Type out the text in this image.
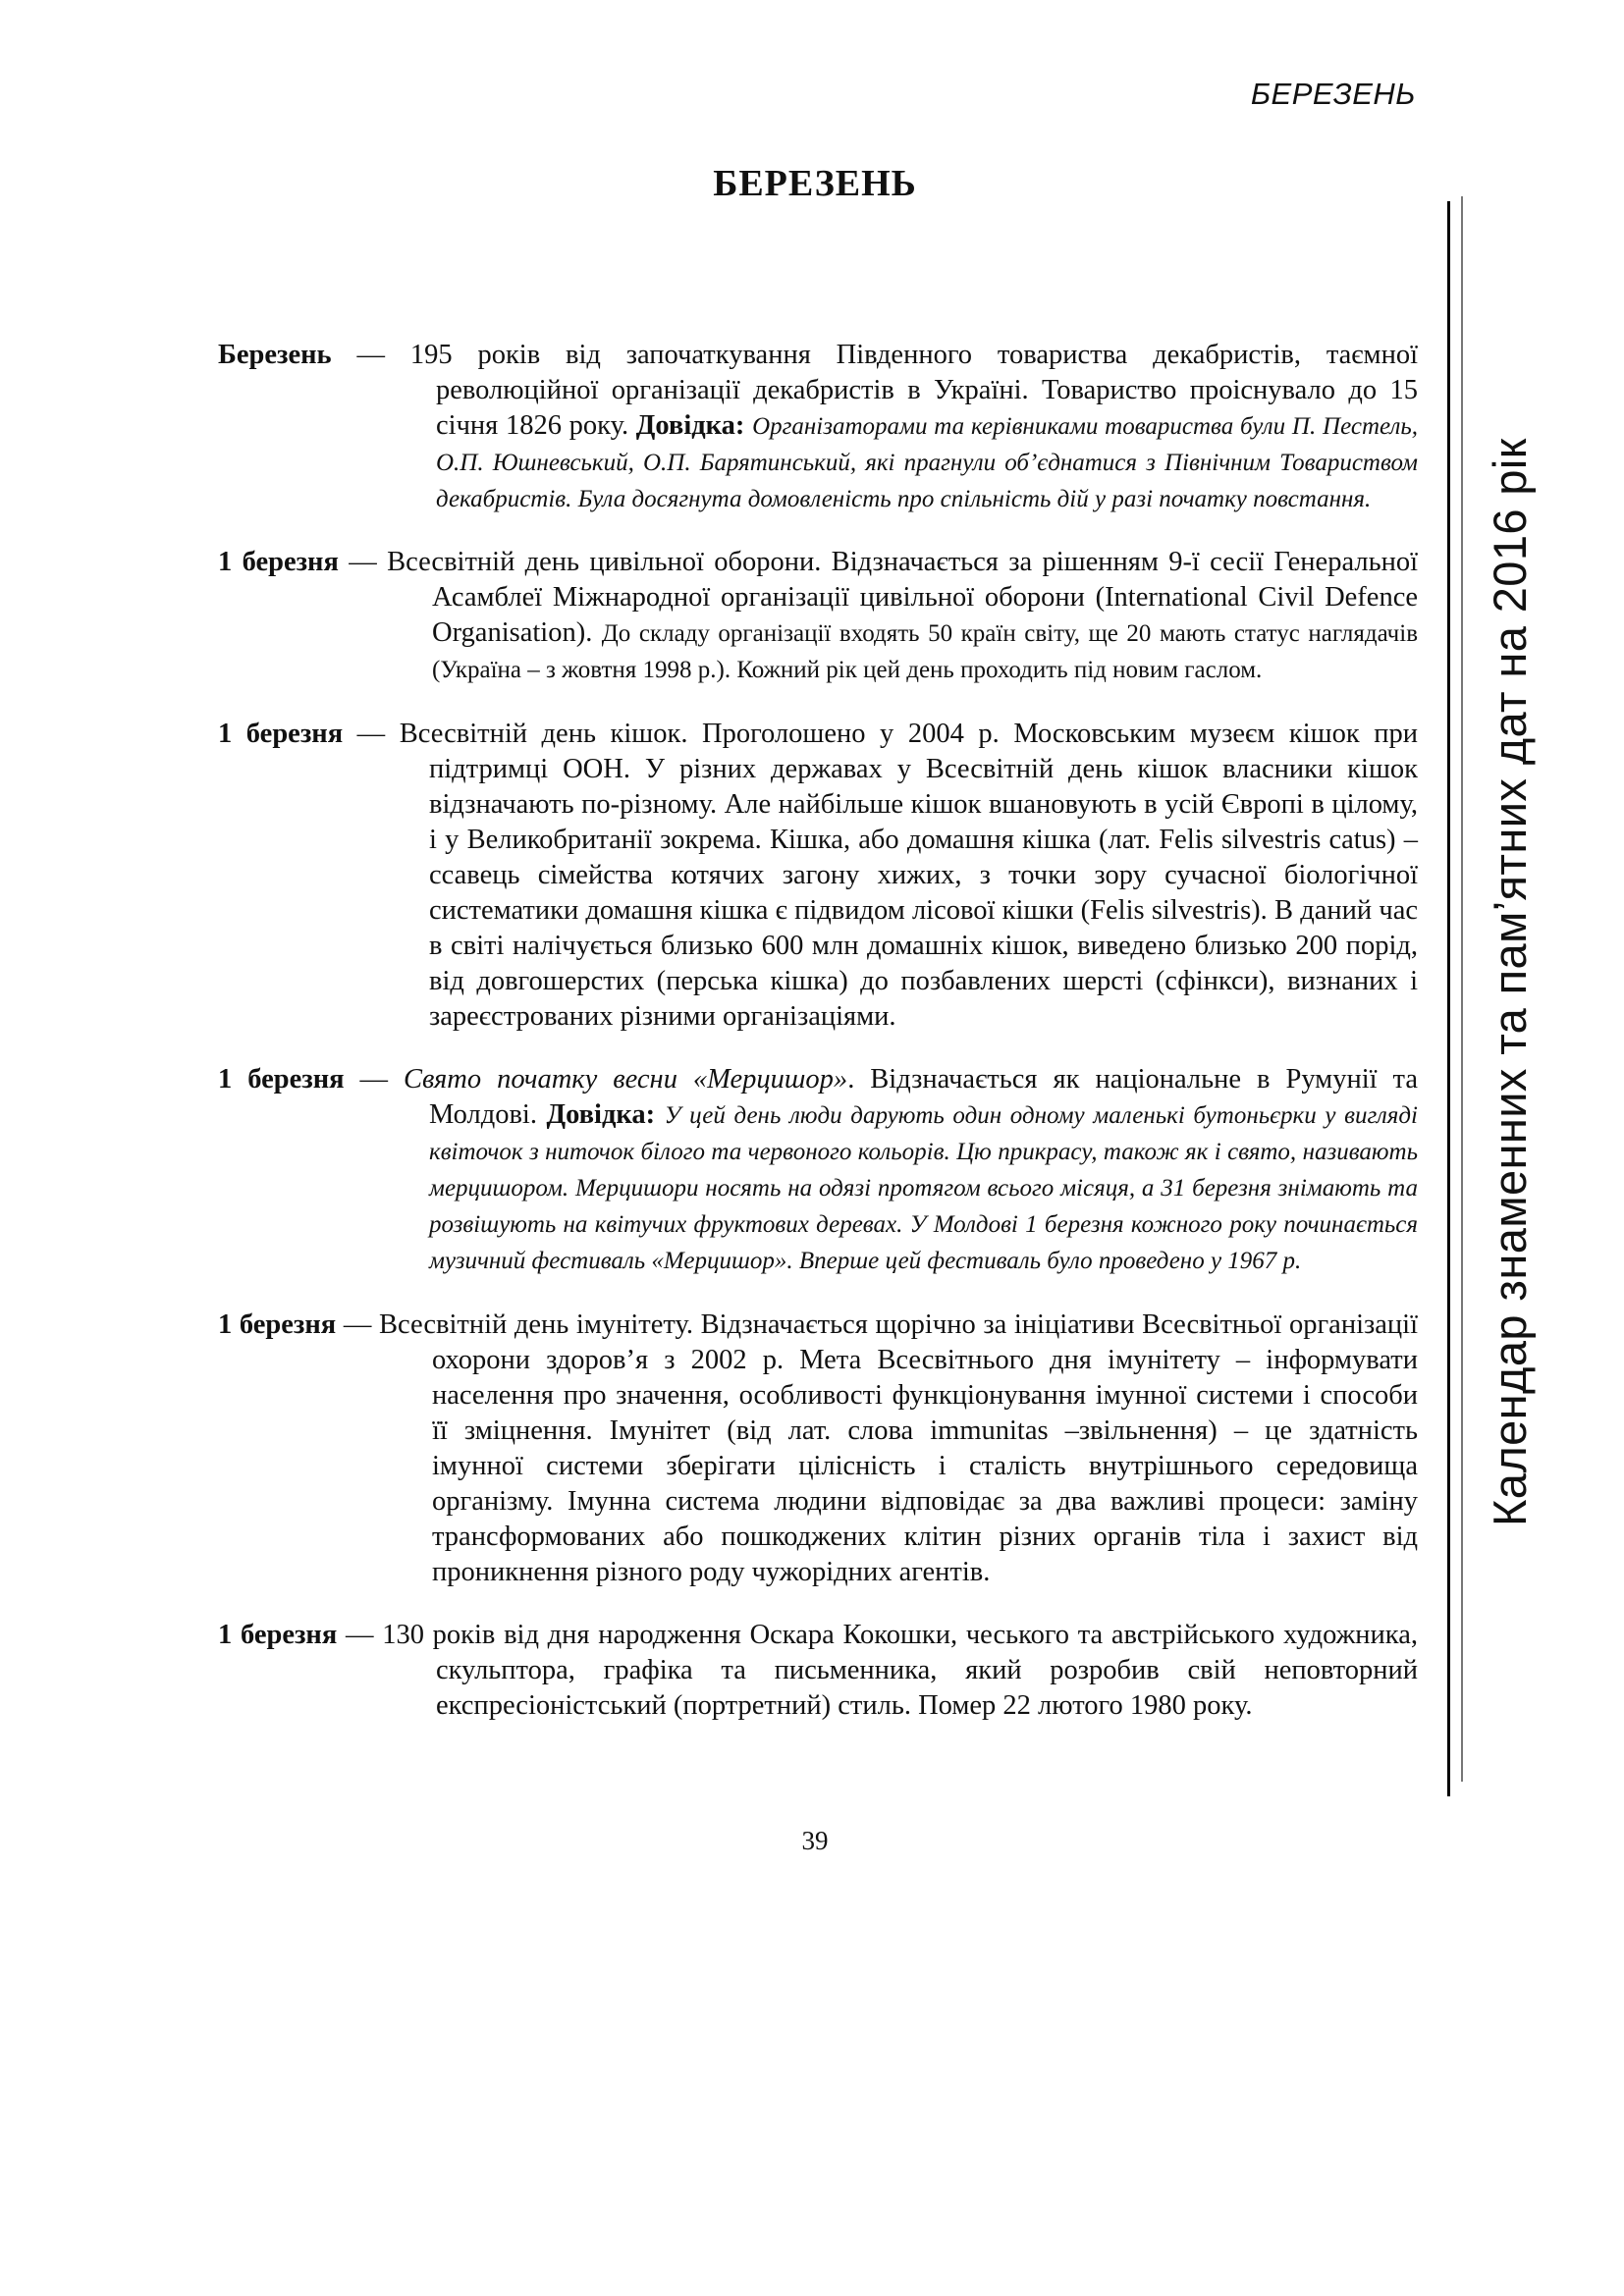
БЕРЕЗЕНЬ
БЕРЕЗЕНЬ

Березень — 195 років від започаткування Південного товариства декабристів, таємної революційної організації декабристів в Україні. Товариство проіснувало до 15 січня 1826 року. Довідка: Організаторами та керівниками товариства були П. Пестель, О.П. Юшневський, О.П. Барятинський, які прагнули об’єднатися з Північним Товариством декабристів. Була досягнута домовленість про спільність дій у разі початку повстання.

1 березня — Всесвітній день цивільної оборони. Відзначається за рішенням 9-ї сесії Генеральної Асамблеї Міжнародної організації цивільної оборони (International Civil Defence Organisation). До складу організації входять 50 країн світу, ще 20 мають статус наглядачів (Україна – з жовтня 1998 р.). Кожний рік цей день проходить під новим гаслом.

1 березня — Всесвітній день кішок. Проголошено у 2004 р. Московським музеєм кішок при підтримці ООН. У різних державах у Всесвітній день кішок власники кішок відзначають по-різному. Але найбільше кішок вшановують в усій Європі в цілому, і у Великобританії зокрема. Кішка, або домашня кішка (лат. Felis silvestris catus) – ссавець сімейства котячих загону хижих, з точки зору сучасної біологічної систематики домашня кішка є підвидом лісової кішки (Felis silvestris). В даний час в світі налічується близько 600 млн домашніх кішок, виведено близько 200 порід, від довгошерстих (перська кішка) до позбавлених шерсті (сфінкси), визнаних і зареєстрованих різними організаціями.

1 березня — Свято початку весни «Мерцишор». Відзначається як національне в Румунії та Молдові. Довідка: У цей день люди дарують один одному маленькі бутоньєрки у вигляді квіточок з ниточок білого та червоного кольорів. Цю прикрасу, також як і свято, називають мерцишором. Мерцишори носять на одязі протягом всього місяця, а 31 березня знімають та розвішують на квітучих фруктових деревах. У Молдові 1 березня кожного року починається музичний фестиваль «Мерцишор». Вперше цей фестиваль було проведено у 1967 р.

1 березня — Всесвітній день імунітету. Відзначається щорічно за ініціативи Всесвітньої організації охорони здоров’я з 2002 р. Мета Всесвітнього дня імунітету – інформувати населення про значення, особливості функціонування імунної системи і способи її зміцнення. Імунітет (від лат. слова immunitas –звільнення) – це здатність імунної системи зберігати цілісність і сталість внутрішнього середовища організму. Імунна система людини відповідає за два важливі процеси: заміну трансформованих або пошкоджених клітин різних органів тіла і захист від проникнення різного роду чужорідних агентів.

1 березня — 130 років від дня народження Оскара Кокошки, чеського та австрійського художника, скульптора, графіка та письменника, який розробив свій неповторний експресіоністський (портретний) стиль. Помер 22 лютого 1980 року.

Календар знаменних та пам’ятних дат на 2016 рік
39
